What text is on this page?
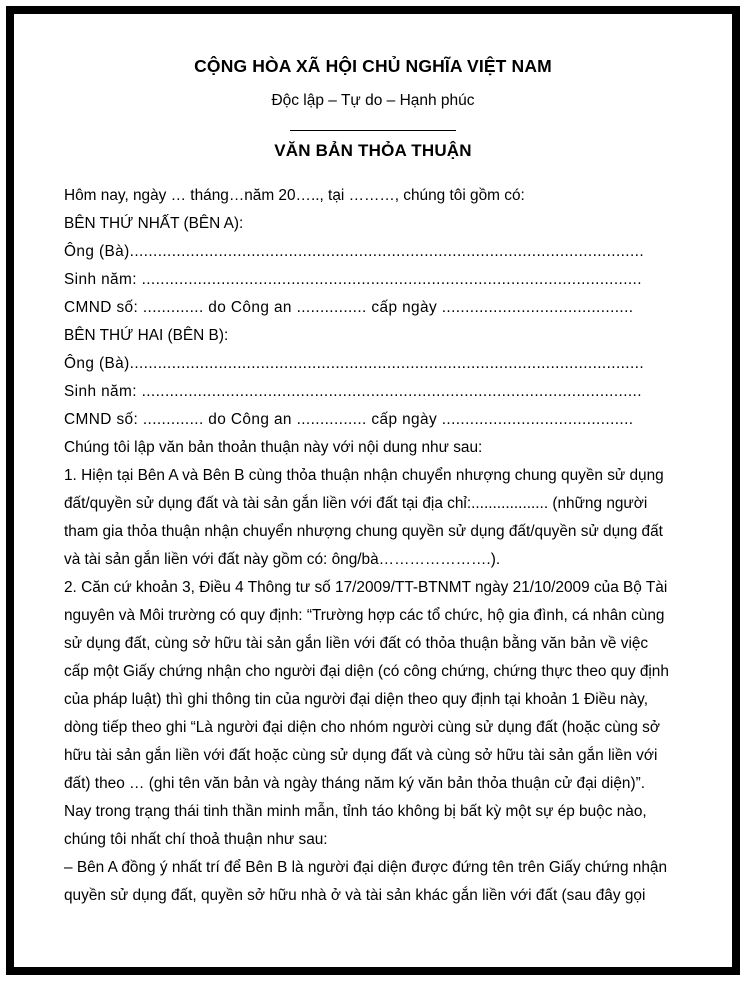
CỘNG HÒA XÃ HỘI CHỦ NGHĨA VIỆT NAM
Độc lập – Tự do – Hạnh phúc
VĂN BẢN THỎA THUẬN
Hôm nay, ngày … tháng…năm 20….., tại ………, chúng tôi gồm có:
BÊN THỨ NHẤT (BÊN A):
Ông (Bà)..............................................................................................................
Sinh năm: ...........................................................................................................
CMND số: ............. do Công an ............... cấp ngày .........................................
BÊN THỨ HAI (BÊN B):
Ông (Bà)..............................................................................................................
Sinh năm: ...........................................................................................................
CMND số: ............. do Công an ............... cấp ngày .........................................
Chúng tôi lập văn bản thoản thuận này với nội dung như sau:
1. Hiện tại Bên A và Bên B cùng thỏa thuận nhận chuyển nhượng chung quyền sử dụng
đất/quyền sử dụng đất và tài sản gắn liền với đất tại địa chỉ:.................. (những người
tham gia thỏa thuận nhận chuyển nhượng chung quyền sử dụng đất/quyền sử dụng đất
và tài sản gắn liền với đất này gồm có: ông/bà………………….).
2. Căn cứ khoản 3, Điều 4 Thông tư số 17/2009/TT-BTNMT ngày 21/10/2009 của Bộ Tài
nguyên và Môi trường có quy định: “Trường hợp các tổ chức, hộ gia đình, cá nhân cùng
sử dụng đất, cùng sở hữu tài sản gắn liền với đất có thỏa thuận bằng văn bản về việc
cấp một Giấy chứng nhận cho người đại diện (có công chứng, chứng thực theo quy định
của pháp luật) thì ghi thông tin của người đại diện theo quy định tại khoản 1 Điều này,
dòng tiếp theo ghi “Là người đại diện cho nhóm người cùng sử dụng đất (hoặc cùng sở
hữu tài sản gắn liền với đất hoặc cùng sử dụng đất và cùng sở hữu tài sản gắn liền với
đất) theo … (ghi tên văn bản và ngày tháng năm ký văn bản thỏa thuận cử đại diện)”.
Nay trong trạng thái tinh thần minh mẫn, tỉnh táo không bị bất kỳ một sự ép buộc nào,
chúng tôi nhất chí thoả thuận như sau:
– Bên A đồng ý nhất trí để Bên B là người đại diện được đứng tên trên Giấy chứng nhận
quyền sử dụng đất, quyền sở hữu nhà ở và tài sản khác gắn liền với đất (sau đây gọi
